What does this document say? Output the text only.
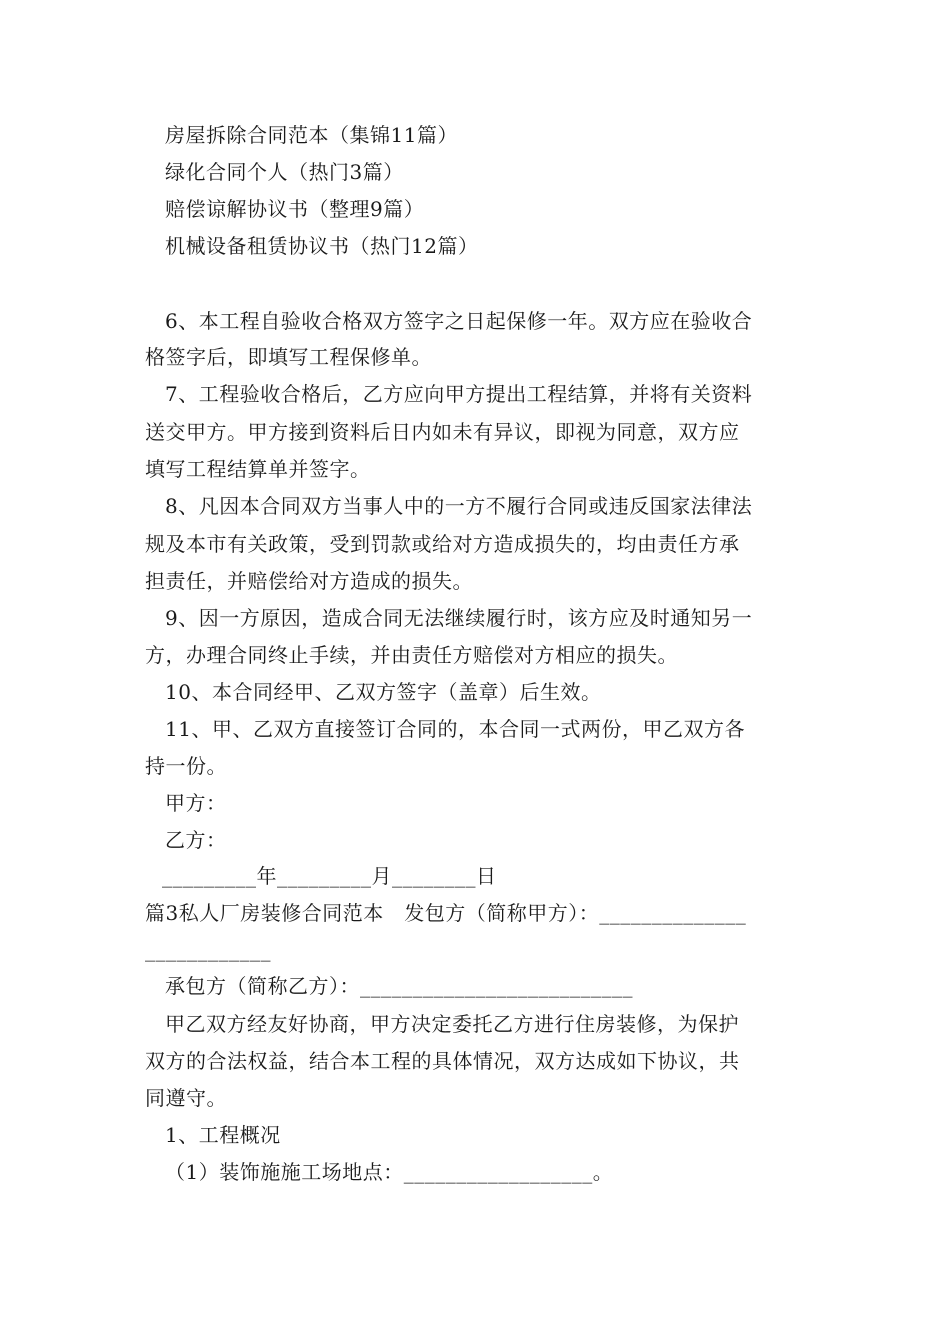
房屋拆除合同范本（集锦11篇）
绿化合同个人（热门3篇）
赔偿谅解协议书（整理9篇）
机械设备租赁协议书（热门12篇）
6、本工程自验收合格双方签字之日起保修一年。双方应在验收合
格签字后，即填写工程保修单。
7、工程验收合格后，乙方应向甲方提出工程结算，并将有关资料
送交甲方。甲方接到资料后日内如未有异议，即视为同意，双方应
填写工程结算单并签字。
8、凡因本合同双方当事人中的一方不履行合同或违反国家法律法
规及本市有关政策，受到罚款或给对方造成损失的，均由责任方承
担责任，并赔偿给对方造成的损失。
9、因一方原因，造成合同无法继续履行时，该方应及时通知另一
方，办理合同终止手续，并由责任方赔偿对方相应的损失。
10、本合同经甲、乙双方签字（盖章）后生效。
11、甲、乙双方直接签订合同的，本合同一式两份，甲乙双方各
持一份。
甲方：
乙方：
_________年_________月________日
篇3私人厂房装修合同范本　发包方（简称甲方）：______________
____________
承包方（简称乙方）：__________________________
甲乙双方经友好协商，甲方决定委托乙方进行住房装修，为保护
双方的合法权益，结合本工程的具体情况，双方达成如下协议，共
同遵守。
1、工程概况
（1）装饰施施工场地点：__________________。
